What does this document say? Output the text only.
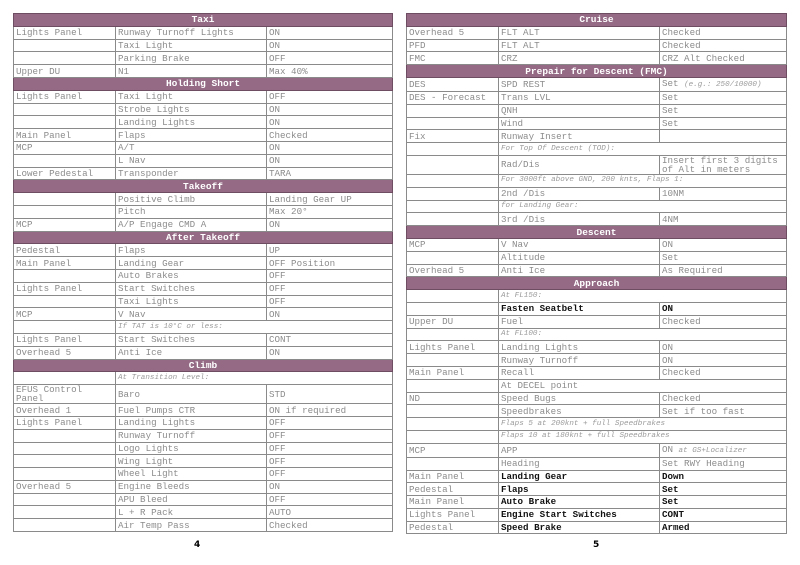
Taxi		
Lights Panel	Runway Turnoff Lights	ON
	Taxi Light	ON
	Parking Brake	OFF
Upper DU	N1	Max 40%
Holding Short		
Lights Panel	Taxi Light	OFF
	Strobe Lights	ON
	Landing Lights	ON
Main Panel	Flaps	Checked
MCP	A/T	ON
	L Nav	ON
Lower Pedestal	Transponder	TARA
Takeoff		
	Positive Climb	Landing Gear UP
	Pitch	Max 20°
MCP	A/P Engage CMD A	ON
After Takeoff		
Pedestal	Flaps	UP
Main Panel	Landing Gear	OFF Position
	Auto Brakes	OFF
Lights Panel	Start Switches	OFF
	Taxi Lights	OFF
MCP	V Nav	ON
	If TAT is 10°C or less:	
Lights Panel	Start Switches	CONT
Overhead 5	Anti Ice	ON
Climb		
	At Transition Level:	
EFUS Control Panel	Baro	STD
Overhead 1	Fuel Pumps CTR	ON if required
Lights Panel	Landing Lights	OFF
	Runway Turnoff	OFF
	Logo Lights	OFF
	Wing Light	OFF
	Wheel Light	OFF
Overhead 5	Engine Bleeds	ON
	APU Bleed	OFF
	L + R Pack	AUTO
	Air Temp Pass	Checked
Cruise		
Overhead 5	FLT ALT	Checked
PFD	FLT ALT	Checked
FMC	CRZ	CRZ Alt Checked
Prepair for Descent (FMC)		
DES	SPD REST	Set (e.g.: 250/10000)
DES - Forecast	Trans LVL	Set
	QNH	Set
	Wind	Set
Fix	Runway Insert	
	For Top Of Descent (TOD):	
	Rad/Dis	Insert first 3 digits of Alt in meters
	For 3000ft above GND, 200 knts, Flaps 1:	
	2nd /Dis	10NM
	for Landing Gear:	
	3rd /Dis	4NM
Descent		
MCP	V Nav	ON
	Altitude	Set
Overhead 5	Anti Ice	As Required
Approach		
	At FL150:	
	Fasten Seatbelt	ON
Upper DU	Fuel	Checked
	At FL100:	
Lights Panel	Landing Lights	ON
	Runway Turnoff	ON
Main Panel	Recall	Checked
	At DECEL point	
ND	Speed Bugs	Checked
	Speedbrakes	Set if too fast
	Flaps 5 at 200knt + full Speedbrakes	
	Flaps 10 at 180knt + full Speedbrakes	
MCP	APP	ON at GS+Localizer
	Heading	Set RWY Heading
Main Panel	Landing Gear	Down
Pedestal	Flaps	Set
Main Panel	Auto Brake	Set
Lights Panel	Engine Start Switches	CONT
Pedestal	Speed Brake	Armed
4	5
